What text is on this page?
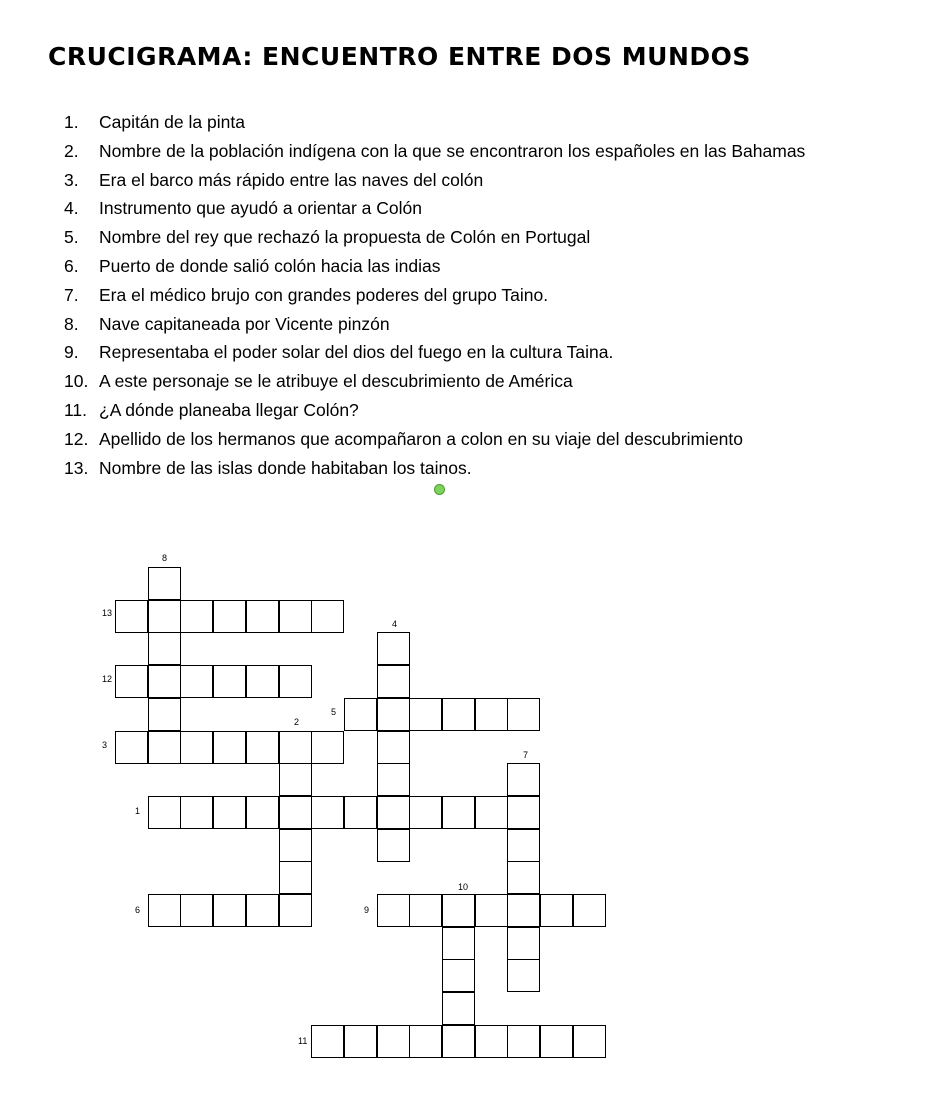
CRUCIGRAMA: ENCUENTRO ENTRE DOS MUNDOS
1. Capitán de la pinta
2. Nombre de la población indígena con la que se encontraron los españoles en las Bahamas
3. Era el barco más rápido entre las naves del colón
4. Instrumento que ayudó a orientar a Colón
5. Nombre del rey que rechazó la propuesta de Colón en Portugal
6. Puerto de donde salió colón hacia las indias
7. Era el médico brujo con grandes poderes del grupo Taino.
8. Nave capitaneada por Vicente pinzón
9. Representaba el poder solar del dios del fuego en la cultura Taina.
10. A este personaje se le atribuye el descubrimiento de América
11. ¿A dónde planeaba llegar Colón?
12. Apellido de los hermanos que acompañaron a colon en su viaje del descubrimiento
13. Nombre de las islas donde habitaban los tainos.
8
13
4
12
2
5
3
7
1
10
6	9
11
